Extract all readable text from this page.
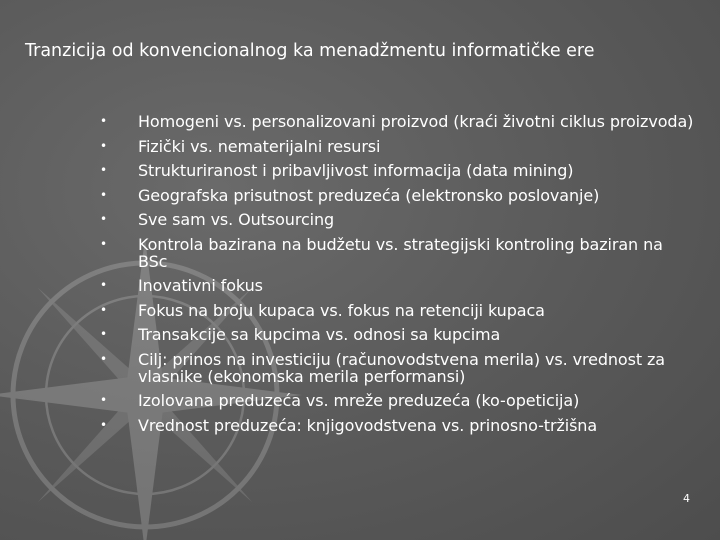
Tranzicija od konvencionalnog ka menadžmentu informatičke ere
•	Homogeni vs. personalizovani proizvod (kraći životni ciklus proizvoda)
•	Fizički vs. nematerijalni resursi
•	Strukturiranost i pribavljivost informacija (data mining)
•	Geografska prisutnost preduzeća (elektronsko poslovanje)
•	Sve sam vs. Outsourcing
•	Kontrola bazirana na budžetu vs. strategijski kontroling baziran na BSc
•	Inovativni fokus
•	Fokus na broju kupaca vs. fokus na retenciji kupaca
•	Transakcije sa kupcima vs. odnosi sa kupcima
•	Cilj: prinos na investiciju (računovodstvena merila) vs. vrednost za vlasnike (ekonomska merila performansi)
•	Izolovana preduzeća vs. mreže preduzeća (ko-opeticija)
•	Vrednost preduzeća: knjigovodstvena vs. prinosno-tržišna
4
